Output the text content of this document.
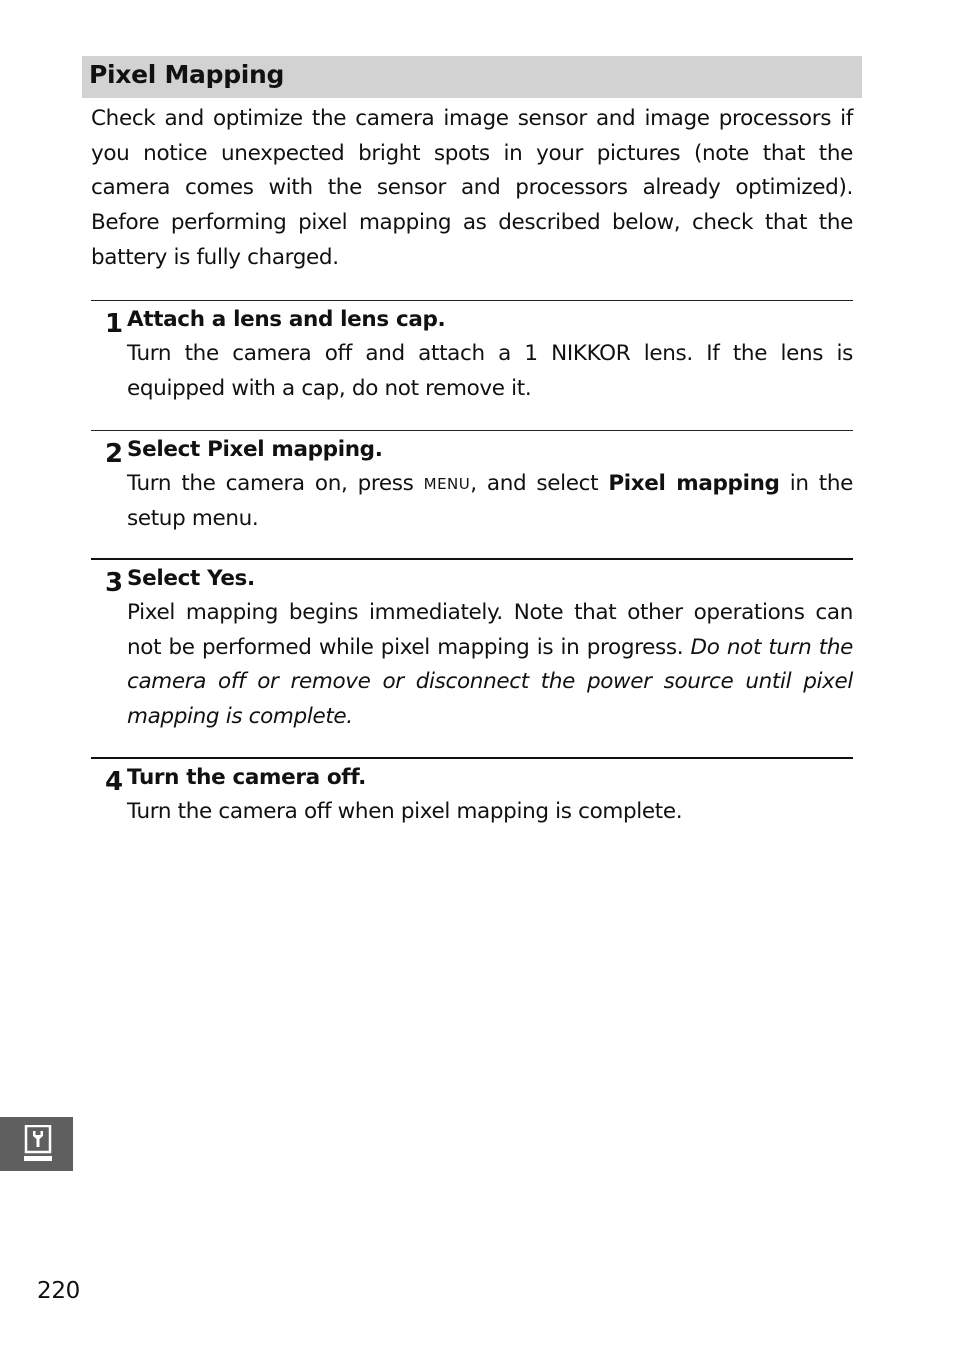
Pixel Mapping

Check and optimize the camera image sensor and image processors if you notice unexpected bright spots in your pictures (note that the camera comes with the sensor and processors already optimized). Before performing pixel mapping as described below, check that the battery is fully charged.

1 Attach a lens and lens cap.

Turn the camera off and attach a 1 NIKKOR lens. If the lens is equipped with a cap, do not remove it.

2 Select Pixel mapping.

Turn the camera on, press MENU, and select Pixel mapping in the setup menu.

3 Select Yes.

Pixel mapping begins immediately. Note that other operations can not be performed while pixel mapping is in progress. Do not turn the camera off or remove or disconnect the power source until pixel mapping is complete.

4 Turn the camera off.

Turn the camera off when pixel mapping is complete.

220
